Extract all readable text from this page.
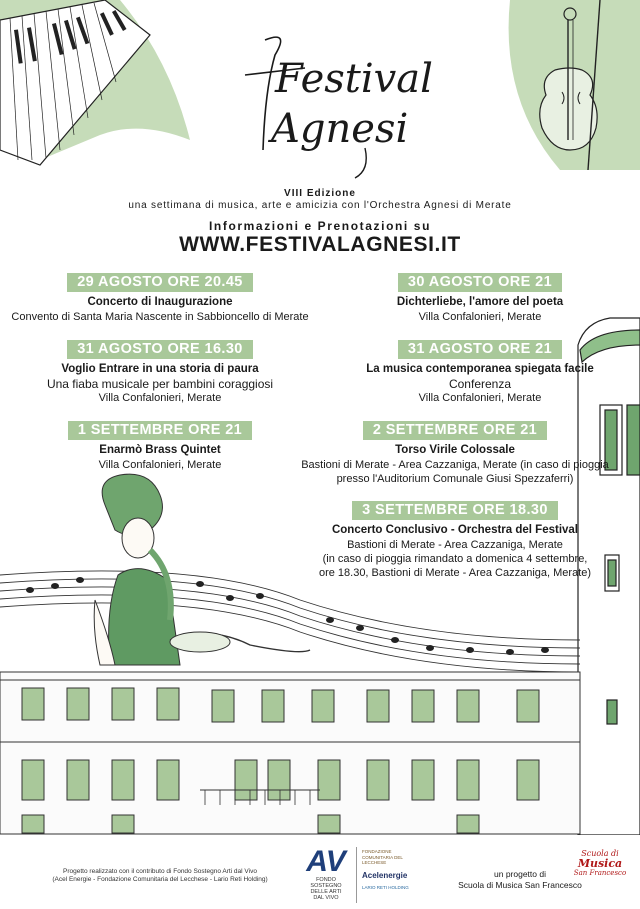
Festival
Agnesi
VIII Edizione
una settimana di musica, arte e amicizia con l'Orchestra Agnesi di Merate
Informazioni e Prenotazioni su
WWW.FESTIVALAGNESI.IT
29 AGOSTO ORE 20.45
Concerto di Inaugurazione
Convento di Santa Maria Nascente in Sabbioncello di Merate
30 AGOSTO ORE 21
Dichterliebe, l'amore del poeta
Villa Confalonieri, Merate
31 AGOSTO ORE 16.30
Voglio Entrare in una storia di paura
Una fiaba musicale per bambini coraggiosi
Villa Confalonieri, Merate
31 AGOSTO ORE 21
La musica contemporanea spiegata facile
Conferenza
Villa Confalonieri, Merate
1 SETTEMBRE ORE 21
Enarmò Brass Quintet
Villa Confalonieri, Merate
2 SETTEMBRE ORE 21
Torso Virile Colossale
Bastioni di Merate - Area Cazzaniga, Merate (in caso di pioggia
presso l'Auditorium Comunale Giusi Spezzaferri)
3 SETTEMBRE ORE 18.30
Concerto Conclusivo - Orchestra del Festival
Bastioni di Merate - Area Cazzaniga, Merate
(in caso di pioggia rimandato a domenica 4 settembre,
ore 18.30, Bastioni di Merate - Area Cazzaniga, Merate)
Progetto realizzato con il contributo di Fondo Sostegno Arti dal Vivo
(Acel Energie - Fondazione Comunitaria del Lecchese - Lario Reti Holding)
AV
FONDO
SOSTEGNO
DELLE ARTI
DAL VIVO
FONDAZIONE COMUNITARIA DEL LECCHESE
Acelenergie
LARIO RETI HOLDING
un progetto di
Scuola di Musica San Francesco
Scuola di
Musica
San Francesco
